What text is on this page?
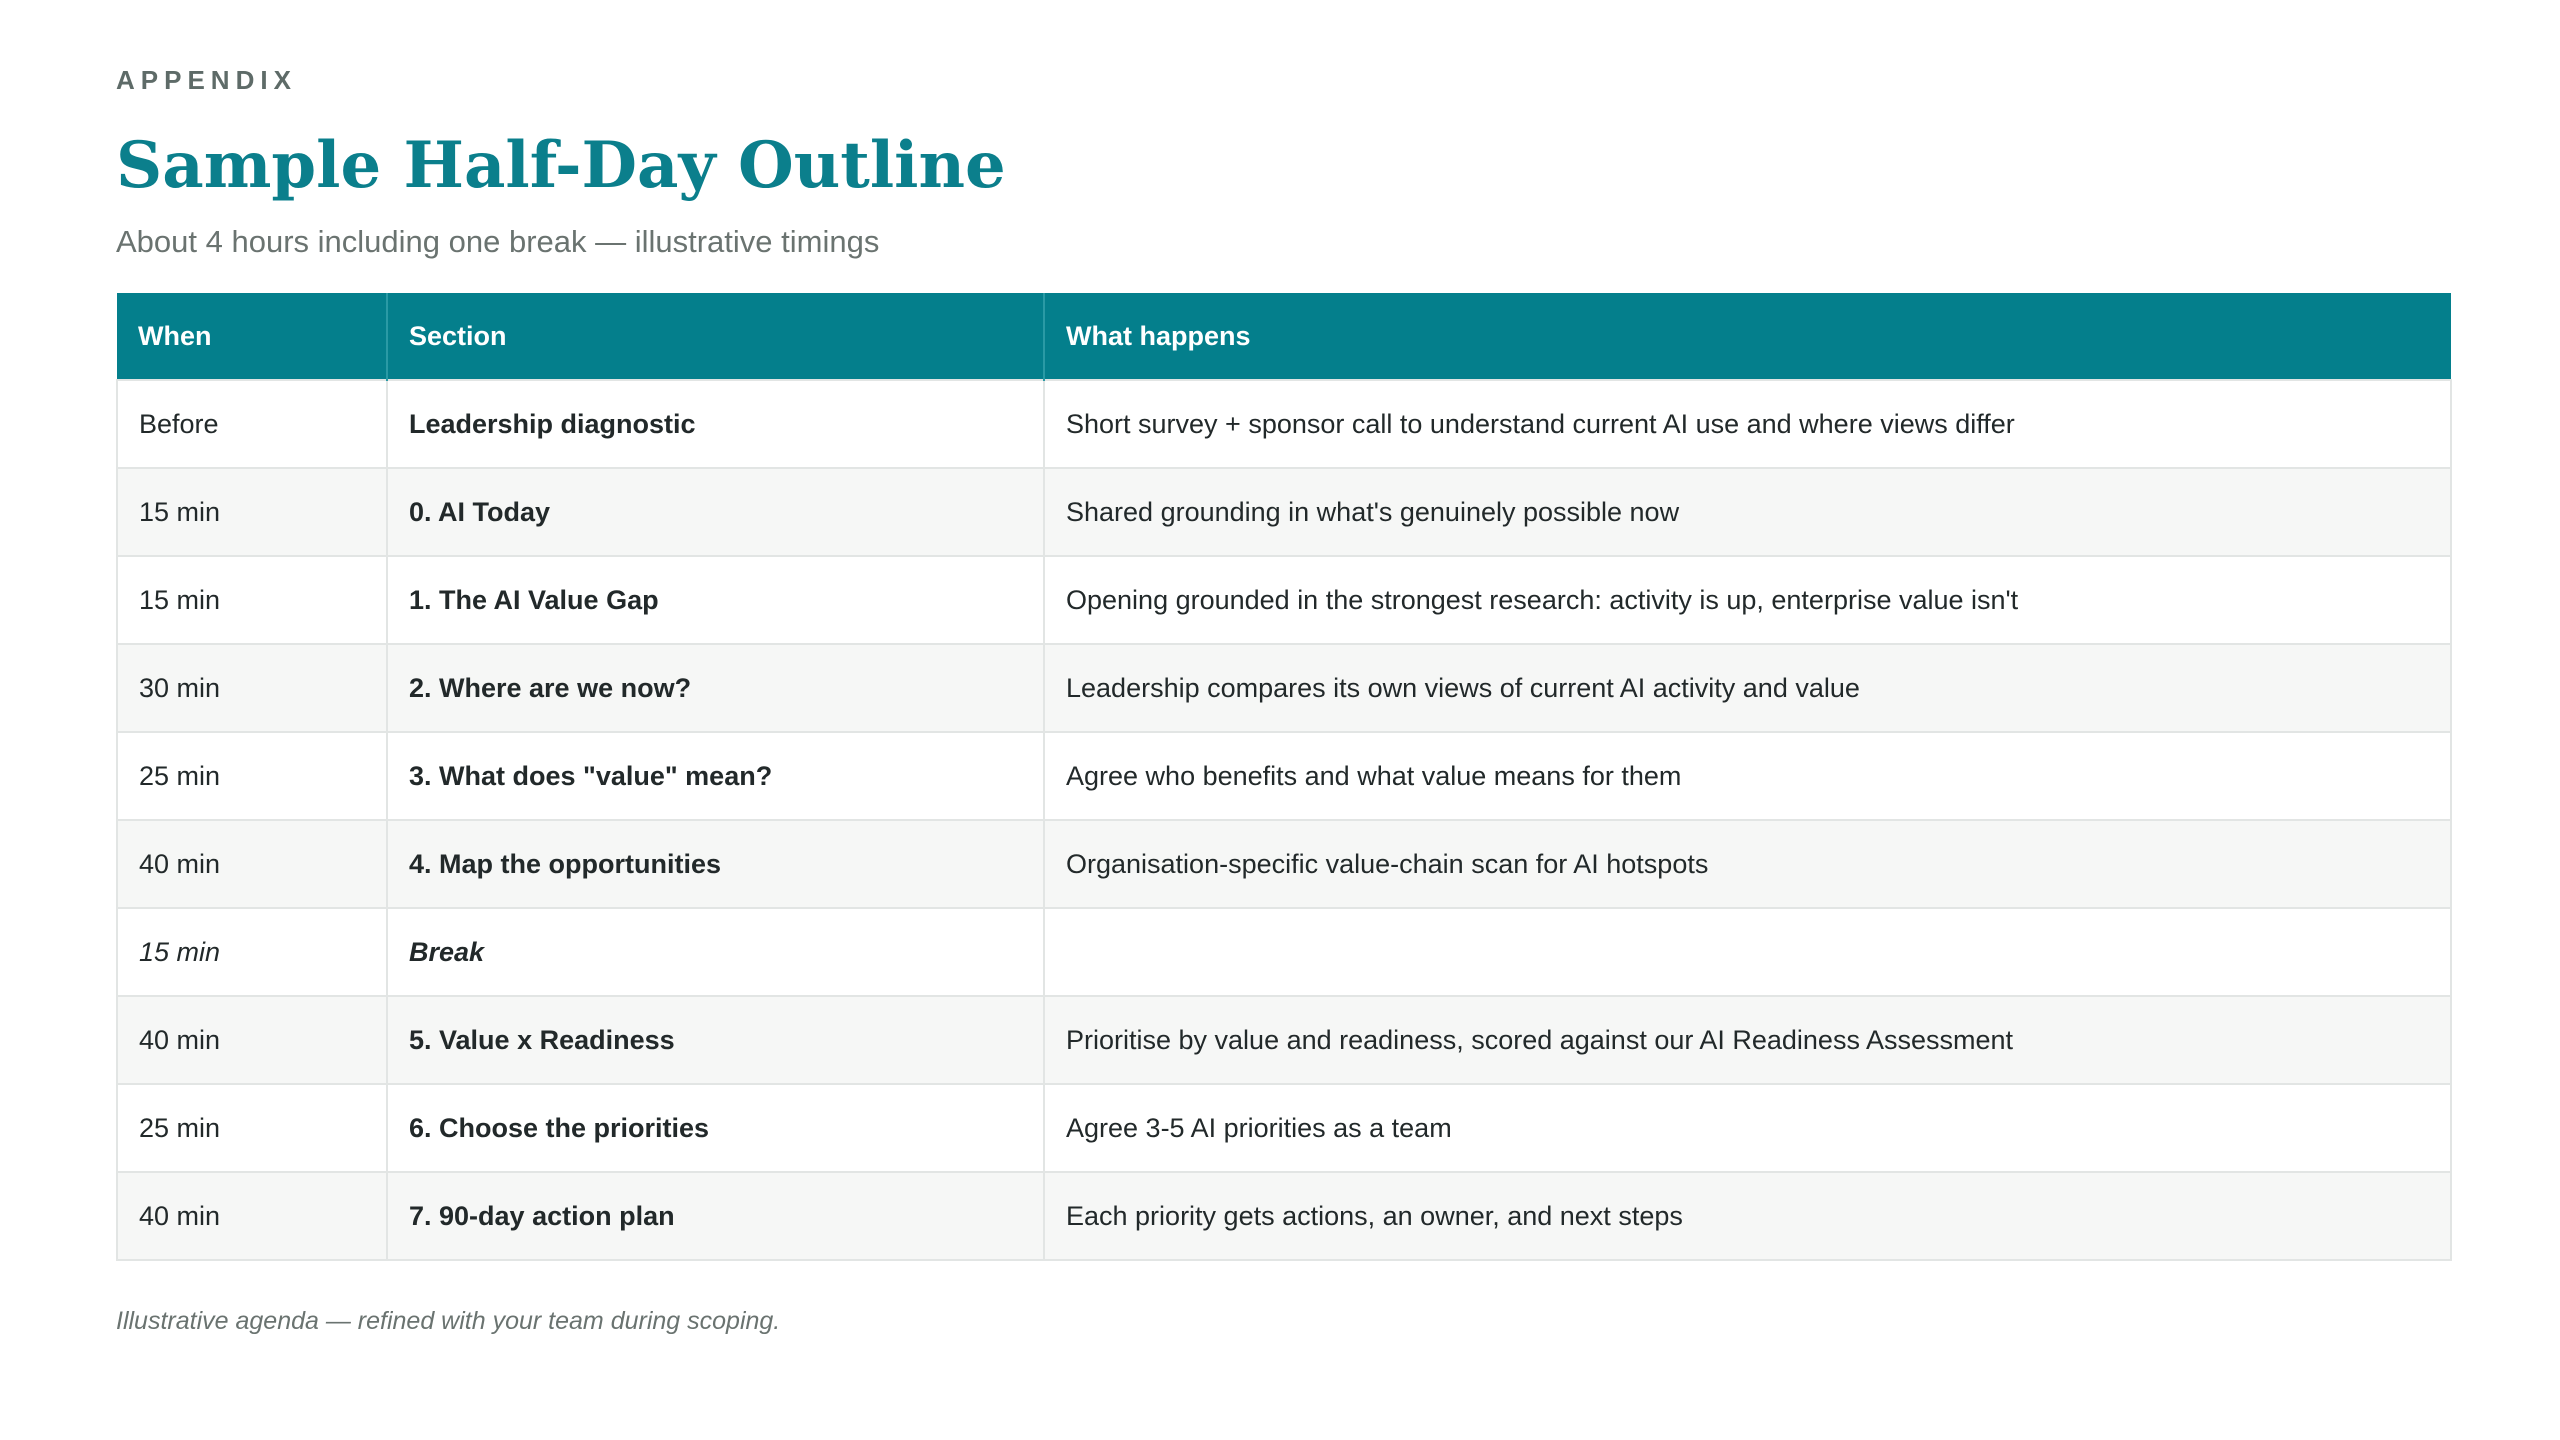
APPENDIX

Sample Half-Day Outline

About 4 hours including one break — illustrative timings

When	Section	What happens
Before	Leadership diagnostic	Short survey + sponsor call to understand current AI use and where views differ
15 min	0. AI Today	Shared grounding in what's genuinely possible now
15 min	1. The AI Value Gap	Opening grounded in the strongest research: activity is up, enterprise value isn't
30 min	2. Where are we now?	Leadership compares its own views of current AI activity and value
25 min	3. What does "value" mean?	Agree who benefits and what value means for them
40 min	4. Map the opportunities	Organisation-specific value-chain scan for AI hotspots
15 min	Break	
40 min	5. Value x Readiness	Prioritise by value and readiness, scored against our AI Readiness Assessment
25 min	6. Choose the priorities	Agree 3-5 AI priorities as a team
40 min	7. 90-day action plan	Each priority gets actions, an owner, and next steps
Illustrative agenda — refined with your team during scoping.
